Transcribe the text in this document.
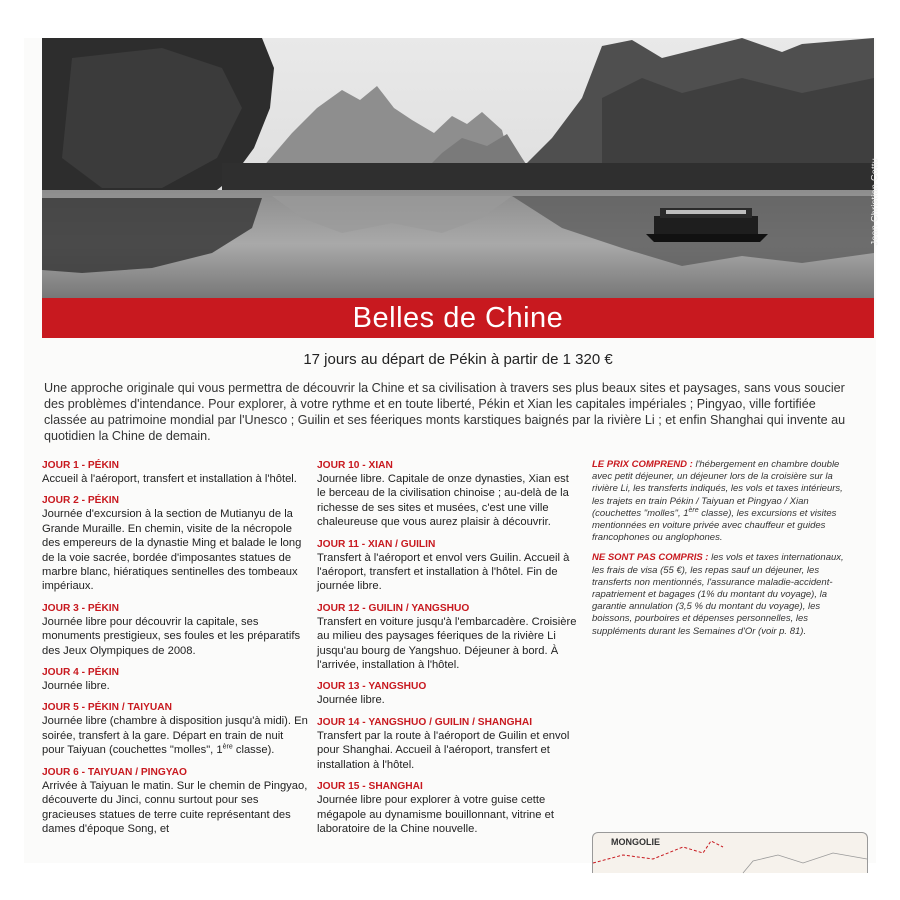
Jean Christian Cottu
Belles de Chine
17 jours au départ de Pékin à partir de 1 320 €
Une approche originale qui vous permettra de découvrir la Chine et sa civilisation à travers ses plus beaux sites et paysages, sans vous soucier des problèmes d'intendance. Pour explorer, à votre rythme et en toute liberté, Pékin et Xian les capitales impériales ; Pingyao, ville fortifiée classée au patrimoine mondial par l'Unesco ; Guilin et ses féeriques monts karstiques baignés par la rivière Li ; et enfin Shanghai qui invente au quotidien la Chine de demain.
JOUR 1 - PÉKIN
Accueil à l'aéroport, transfert et installation à l'hôtel.
JOUR 2 - PÉKIN
Journée d'excursion à la section de Mutianyu de la Grande Muraille. En chemin, visite de la nécropole des empereurs de la dynastie Ming et balade le long de la voie sacrée, bordée d'imposantes statues de marbre blanc, hiératiques sentinelles des tombeaux impériaux.
JOUR 3 - PÉKIN
Journée libre pour découvrir la capitale, ses monuments prestigieux, ses foules et les préparatifs des Jeux Olympiques de 2008.
JOUR 4 - PÉKIN
Journée libre.
JOUR 5 - PÉKIN / TAIYUAN
Journée libre (chambre à disposition jusqu'à midi). En soirée, transfert à la gare. Départ en train de nuit pour Taiyuan (couchettes "molles", 1ère classe).
JOUR 6 - TAIYUAN / PINGYAO
Arrivée à Taiyuan le matin. Sur le chemin de Pingyao, découverte du Jinci, connu surtout pour ses gracieuses statues de terre cuite représentant des dames d'époque Song, et
JOUR 10 - XIAN
Journée libre. Capitale de onze dynasties, Xian est le berceau de la civilisation chinoise ; au-delà de la richesse de ses sites et musées, c'est une ville chaleureuse que vous aurez plaisir à découvrir.
JOUR 11 - XIAN / GUILIN
Transfert à l'aéroport et envol vers Guilin. Accueil à l'aéroport, transfert et installation à l'hôtel. Fin de journée libre.
JOUR 12 - GUILIN / YANGSHUO
Transfert en voiture jusqu'à l'embarcadère. Croisière au milieu des paysages féeriques de la rivière Li jusqu'au bourg de Yangshuo. Déjeuner à bord. À l'arrivée, installation à l'hôtel.
JOUR 13 - YANGSHUO
Journée libre.
JOUR 14 - YANGSHUO / GUILIN / SHANGHAI
Transfert par la route à l'aéroport de Guilin et envol pour Shanghai. Accueil à l'aéroport, transfert et installation à l'hôtel.
JOUR 15 - SHANGHAI
Journée libre pour explorer à votre guise cette mégapole au dynamisme bouillonnant, vitrine et laboratoire de la Chine nouvelle.

LE PRIX COMPREND : l'hébergement en chambre double avec petit déjeuner, un déjeuner lors de la croisière sur la rivière Li, les transferts indiqués, les vols et taxes intérieurs, les trajets en train Pékin / Taiyuan et Pingyao / Xian (couchettes "molles", 1ère classe), les excursions et visites mentionnées en voiture privée avec chauffeur et guides francophones ou anglophones.

NE SONT PAS COMPRIS : les vols et taxes internationaux, les frais de visa (55 €), les repas sauf un déjeuner, les transferts non mentionnés, l'assurance maladie-accident-rapatriement et bagages (1% du montant du voyage), la garantie annulation (3,5 % du montant du voyage), les boissons, pourboires et dépenses personnelles, les suppléments durant les Semaines d'Or (voir p. 81).

MONGOLIE
